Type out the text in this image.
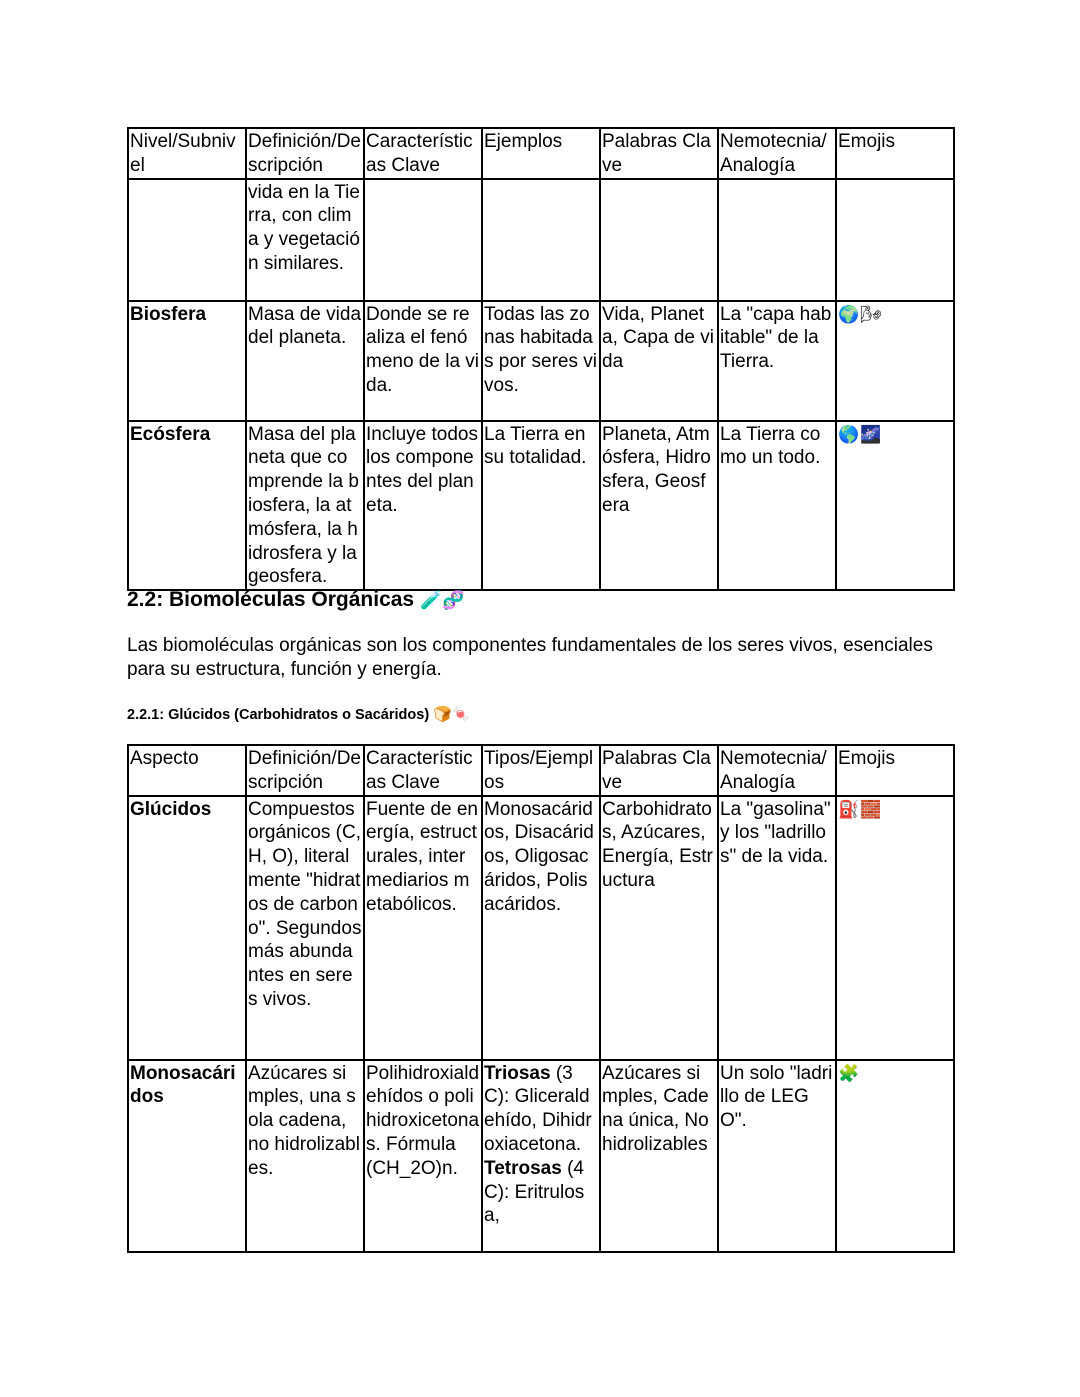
Nivel/Subnivel	Definición/Descripción	Características Clave	Ejemplos	Palabras Clave	Nemotecnia/Analogía	Emojis
	vida en la Tierra, con clima y vegetación similares.					
Biosfera	Masa de vida del planeta.	Donde se realiza el fenómeno de la vida.	Todas las zonas habitadas por seres vivos.	Vida, Planeta, Capa de vida	La "capa habitable" de la Tierra.	🌍🌬
Ecósfera	Masa del planeta que comprende la biosfera, la atmósfera, la hidrosfera y la geosfera.	Incluye todos los componentes del planeta.	La Tierra en su totalidad.	Planeta, Atmósfera, Hidrosfera, Geosfera	La Tierra como un todo.	🌎🌌
2.2: Biomoléculas Orgánicas 🧪🧬
Las biomoléculas orgánicas son los componentes fundamentales de los seres vivos, esenciales para su estructura, función y energía.
2.2.1: Glúcidos (Carbohidratos o Sacáridos) 🍞🍬
Aspecto	Definición/Descripción	Características Clave	Tipos/Ejemplos	Palabras Clave	Nemotecnia/Analogía	Emojis
Glúcidos	Compuestos orgánicos (C, H, O), literalmente "hidratos de carbono". Segundos más abundantes en seres vivos.	Fuente de energía, estructurales, intermediarios metabólicos.	Monosacáridos, Disacáridos, Oligosacáridos, Polisacáridos.	Carbohidratos, Azúcares, Energía, Estructura	La "gasolina" y los "ladrillos" de la vida.	⛽🧱
Monosacáridos	Azúcares simples, una sola cadena, no hidrolizables.	Polihidroxialdehídos o polihidroxicetonas. Fórmula (CH_2O)n.	Triosas (3C): Gliceraldehído, Dihidroxiacetona. Tetrosas (4C): Eritrulosa,	Azúcares simples, Cadena única, No hidrolizables	Un solo "ladrillo de LEGO".	🧩
